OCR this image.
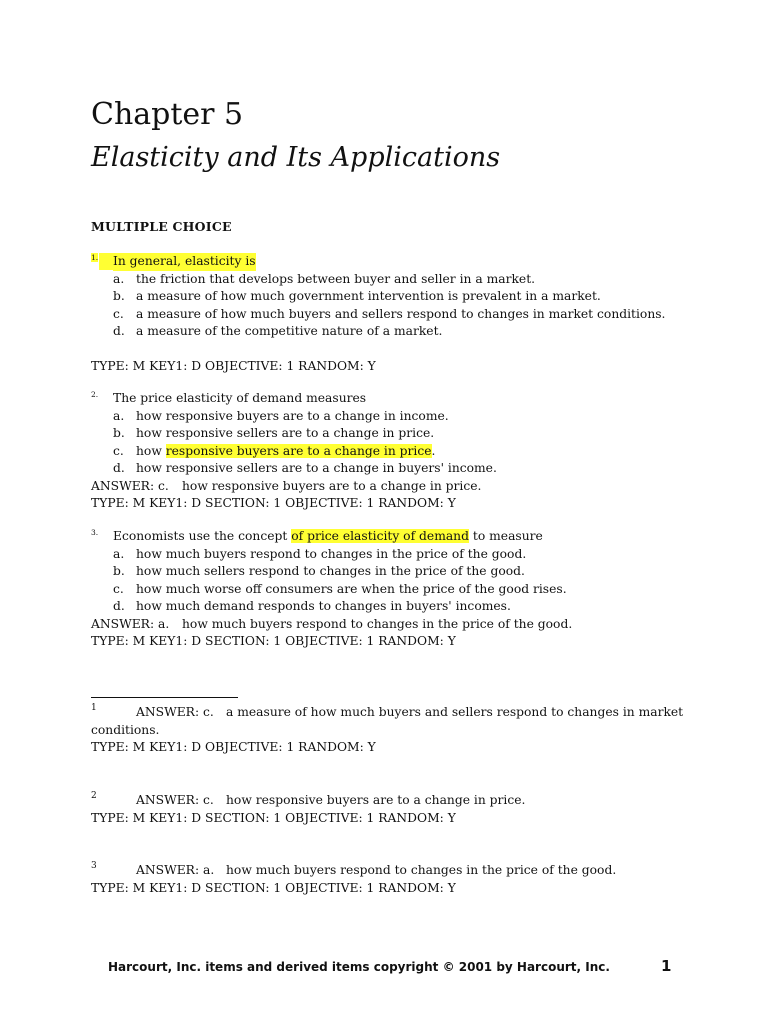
Chapter 5
Elasticity and Its Applications
MULTIPLE CHOICE
1. In general, elasticity is
a. the friction that develops between buyer and seller in a market.
b. a measure of how much government intervention is prevalent in a market.
c. a measure of how much buyers and sellers respond to changes in market conditions.
d. a measure of the competitive nature of a market.
TYPE: M KEY1: D OBJECTIVE: 1 RANDOM: Y
2. The price elasticity of demand measures
a. how responsive buyers are to a change in income.
b. how responsive sellers are to a change in price.
c. how responsive buyers are to a change in price.
d. how responsive sellers are to a change in buyers' income.
ANSWER: c. how responsive buyers are to a change in price.
TYPE: M KEY1: D SECTION: 1 OBJECTIVE: 1 RANDOM: Y
3. Economists use the concept of price elasticity of demand to measure
a. how much buyers respond to changes in the price of the good.
b. how much sellers respond to changes in the price of the good.
c. how much worse off consumers are when the price of the good rises.
d. how much demand responds to changes in buyers' incomes.
ANSWER: a. how much buyers respond to changes in the price of the good.
TYPE: M KEY1: D SECTION: 1 OBJECTIVE: 1 RANDOM: Y
1	ANSWER: c. a measure of how much buyers and sellers respond to changes in market
conditions.
TYPE: M KEY1: D OBJECTIVE: 1 RANDOM: Y
2	ANSWER: c. how responsive buyers are to a change in price.
TYPE: M KEY1: D SECTION: 1 OBJECTIVE: 1 RANDOM: Y
3	ANSWER: a. how much buyers respond to changes in the price of the good.
TYPE: M KEY1: D SECTION: 1 OBJECTIVE: 1 RANDOM: Y
Harcourt, Inc. items and derived items copyright © 2001 by Harcourt, Inc.	1
